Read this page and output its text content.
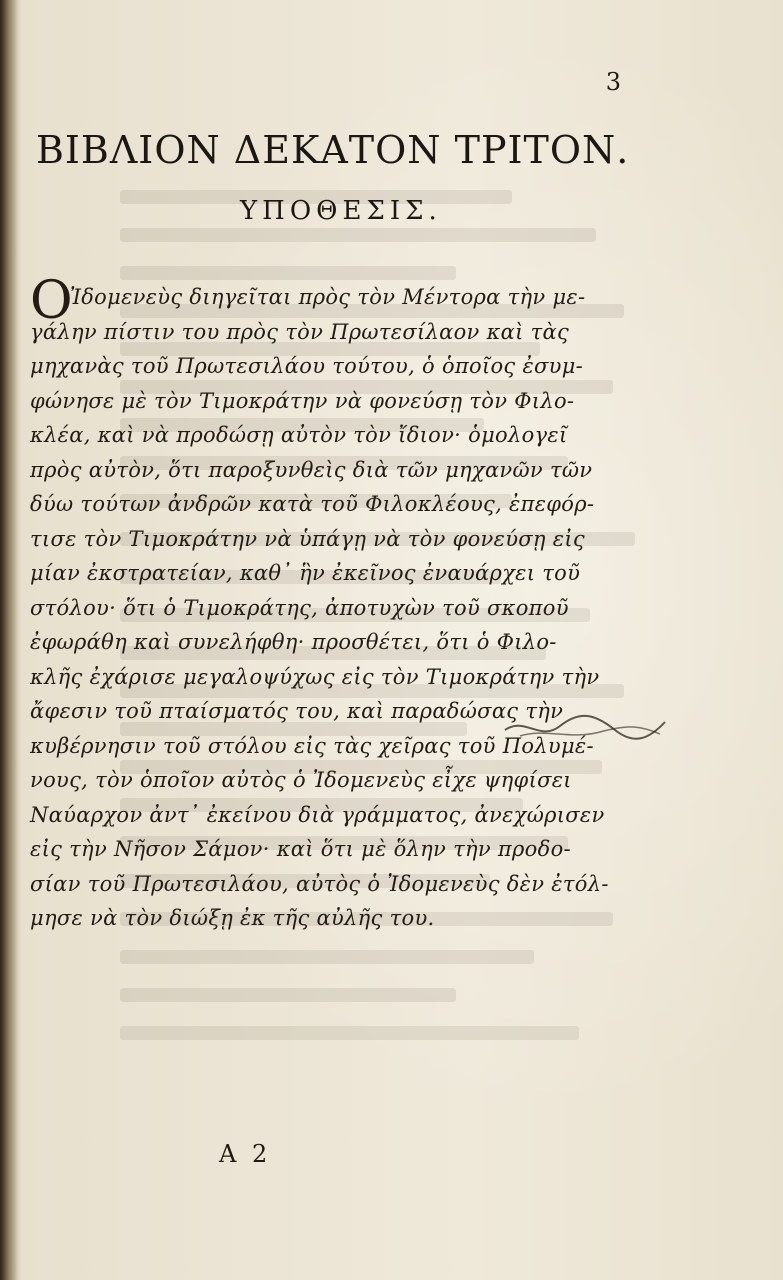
3
ΒΙΒΛΙΟΝ ΔΕΚΑΤΟΝ ΤΡΙΤΟΝ.
ΥΠΟΘΕΣΙΣ.
ΟἸδομενεὺς διηγεῖται πρὸς τὸν Μέντορα τὴν με-
γάλην πίστιν του πρὸς τὸν Πρωτεσίλαον καὶ τὰς
μηχανὰς τοῦ Πρωτεσιλάου τούτου, ὁ ὁποῖος ἐσυμ-
φώνησε μὲ τὸν Τιμοκράτην νὰ φονεύσῃ τὸν Φιλο-
κλέα, καὶ νὰ προδώσῃ αὐτὸν τὸν ἴδιον· ὁμολογεῖ
πρὸς αὐτὸν, ὅτι παροξυνθεὶς διὰ τῶν μηχανῶν τῶν
δύω τούτων ἀνδρῶν κατὰ τοῦ Φιλοκλέους, ἐπεφόρ-
τισε τὸν Τιμοκράτην νὰ ὑπάγῃ νὰ τὸν φονεύσῃ εἰς
μίαν ἐκστρατείαν, καθ᾽ ἣν ἐκεῖνος ἐναυάρχει τοῦ
στόλου· ὅτι ὁ Τιμοκράτης, ἀποτυχὼν τοῦ σκοποῦ
ἐφωράθη καὶ συνελήφθη· προσθέτει, ὅτι ὁ Φιλο-
κλῆς ἐχάρισε μεγαλοψύχως εἰς τὸν Τιμοκράτην τὴν
ἄφεσιν τοῦ πταίσματός του, καὶ παραδώσας τὴν
κυβέρνησιν τοῦ στόλου εἰς τὰς χεῖρας τοῦ Πολυμέ-
νους, τὸν ὁποῖον αὐτὸς ὁ Ἰδομενεὺς εἶχε ψηφίσει
Ναύαρχον ἀντ᾽ ἐκείνου διὰ γράμματος, ἀνεχώρισεν
εἰς τὴν Νῆσον Σάμον· καὶ ὅτι μὲ ὅλην τὴν προδο-
σίαν τοῦ Πρωτεσιλάου, αὐτὸς ὁ Ἰδομενεὺς δὲν ἐτόλ-
μησε νὰ τὸν διώξῃ ἐκ τῆς αὐλῆς του.
Α 2
